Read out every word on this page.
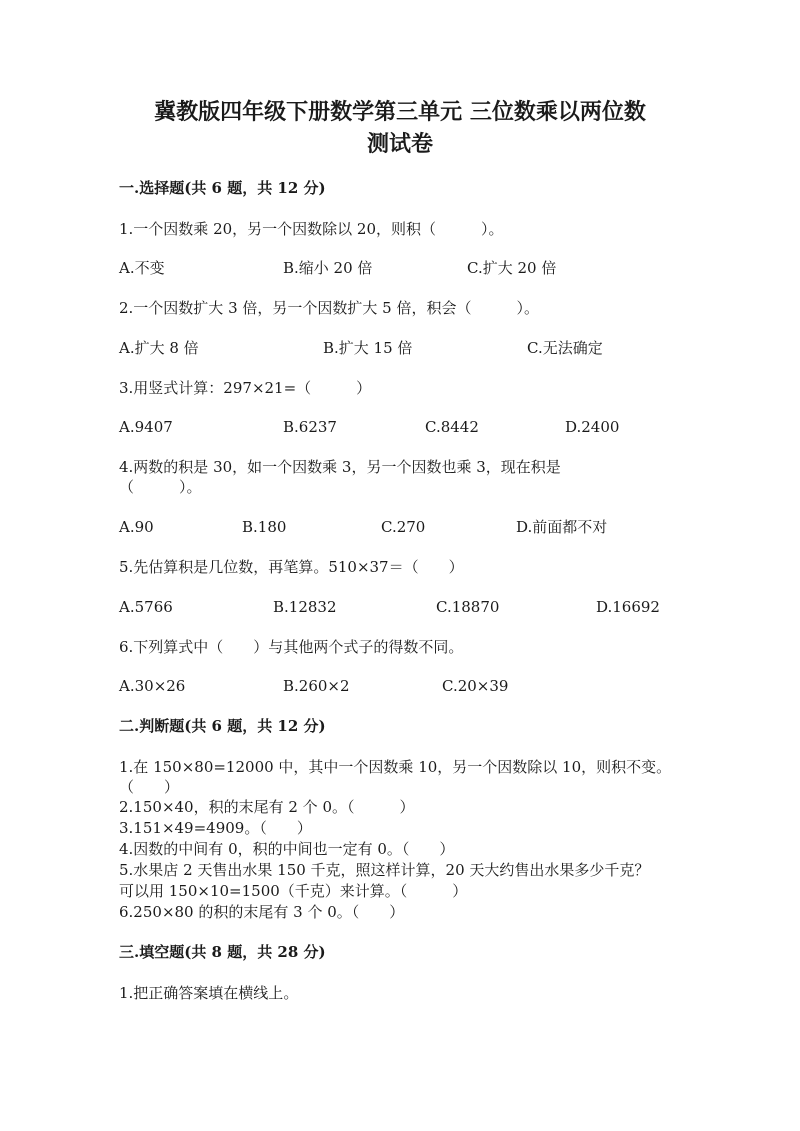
冀教版四年级下册数学第三单元 三位数乘以两位数
测试卷
一.选择题(共 6 题，共 12 分)
1.一个因数乘 20，另一个因数除以 20，则积（　　　）。
A.不变	B.缩小 20 倍	C.扩大 20 倍
2.一个因数扩大 3 倍，另一个因数扩大 5 倍，积会（　　　）。
A.扩大 8 倍	B.扩大 15 倍	C.无法确定
3.用竖式计算：297×21=（　　　）
A.9407	B.6237	C.8442	D.2400
4.两数的积是 30，如一个因数乘 3，另一个因数也乘 3，现在积是
（　　　）。
A.90	B.180	C.270	D.前面都不对
5.先估算积是几位数，再笔算。510×37＝（　　）
A.5766	B.12832	C.18870	D.16692
6.下列算式中（　　）与其他两个式子的得数不同。
A.30×26	B.260×2	C.20×39
二.判断题(共 6 题，共 12 分)
1.在 150×80=12000 中，其中一个因数乘 10，另一个因数除以 10，则积不变。
（　　）
2.150×40，积的末尾有 2 个 0。（　　　）
3.151×49=4909。（　　）
4.因数的中间有 0，积的中间也一定有 0。（　　）
5.水果店 2 天售出水果 150 千克，照这样计算，20 天大约售出水果多少千克？
可以用 150×10=1500（千克）来计算。（　　　）
6.250×80 的积的末尾有 3 个 0。（　　）
三.填空题(共 8 题，共 28 分)
1.把正确答案填在横线上。
